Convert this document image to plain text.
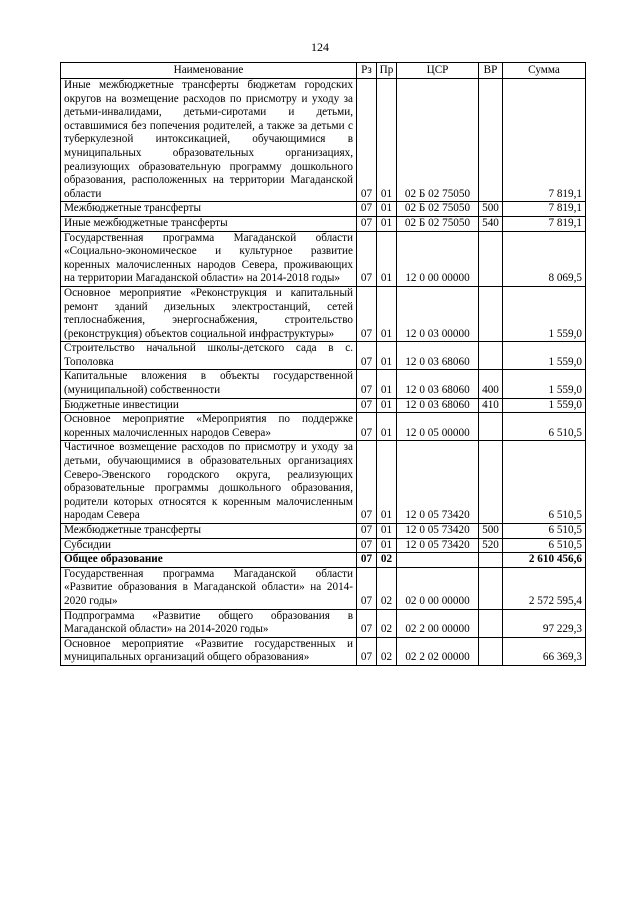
124
Наименование	Рз	Пр	ЦСР	ВР	Сумма
Иные межбюджетные трансферты бюджетам городских округов на возмещение расходов по присмотру и уходу за детьми-инвалидами, детьми-сиротами и детьми, оставшимися без попечения родителей, а также за детьми с туберкулезной интоксикацией, обучающимися в муниципальных образовательных организациях, реализующих образовательную программу дошкольного образования, расположенных на территории Магаданской области	07	01	02 Б 02 75050		7 819,1
Межбюджетные трансферты	07	01	02 Б 02 75050	500	7 819,1
Иные межбюджетные трансферты	07	01	02 Б 02 75050	540	7 819,1
Государственная программа Магаданской области «Социально-экономическое и культурное развитие коренных малочисленных народов Севера, проживающих на территории Магаданской области» на 2014-2018 годы»	07	01	12 0 00 00000		8 069,5
Основное мероприятие «Реконструкция и капитальный ремонт зданий дизельных электростанций, сетей теплоснабжения, энергоснабжения, строительство (реконструкция) объектов социальной инфраструктуры»	07	01	12 0 03 00000		1 559,0
Строительство начальной школы-детского сада в с. Тополовка	07	01	12 0 03 68060		1 559,0
Капитальные вложения в объекты государственной (муниципальной) собственности	07	01	12 0 03 68060	400	1 559,0
Бюджетные инвестиции	07	01	12 0 03 68060	410	1 559,0
Основное мероприятие «Мероприятия по поддержке коренных малочисленных народов Севера»	07	01	12 0 05 00000		6 510,5
Частичное возмещение расходов по присмотру и уходу за детьми, обучающимися в образовательных организациях Северо-Эвенского городского округа, реализующих образовательные программы дошкольного образования, родители которых относятся к коренным малочисленным народам Севера	07	01	12 0 05 73420		6 510,5
Межбюджетные трансферты	07	01	12 0 05 73420	500	6 510,5
Субсидии	07	01	12 0 05 73420	520	6 510,5
Общее образование	07	02			2 610 456,6
Государственная программа Магаданской области «Развитие образования в Магаданской области» на 2014-2020 годы»	07	02	02 0 00 00000		2 572 595,4
Подпрограмма «Развитие общего образования в Магаданской области» на 2014-2020 годы»	07	02	02 2 00 00000		97 229,3
Основное мероприятие «Развитие государственных и муниципальных организаций общего образования»	07	02	02 2 02 00000		66 369,3
